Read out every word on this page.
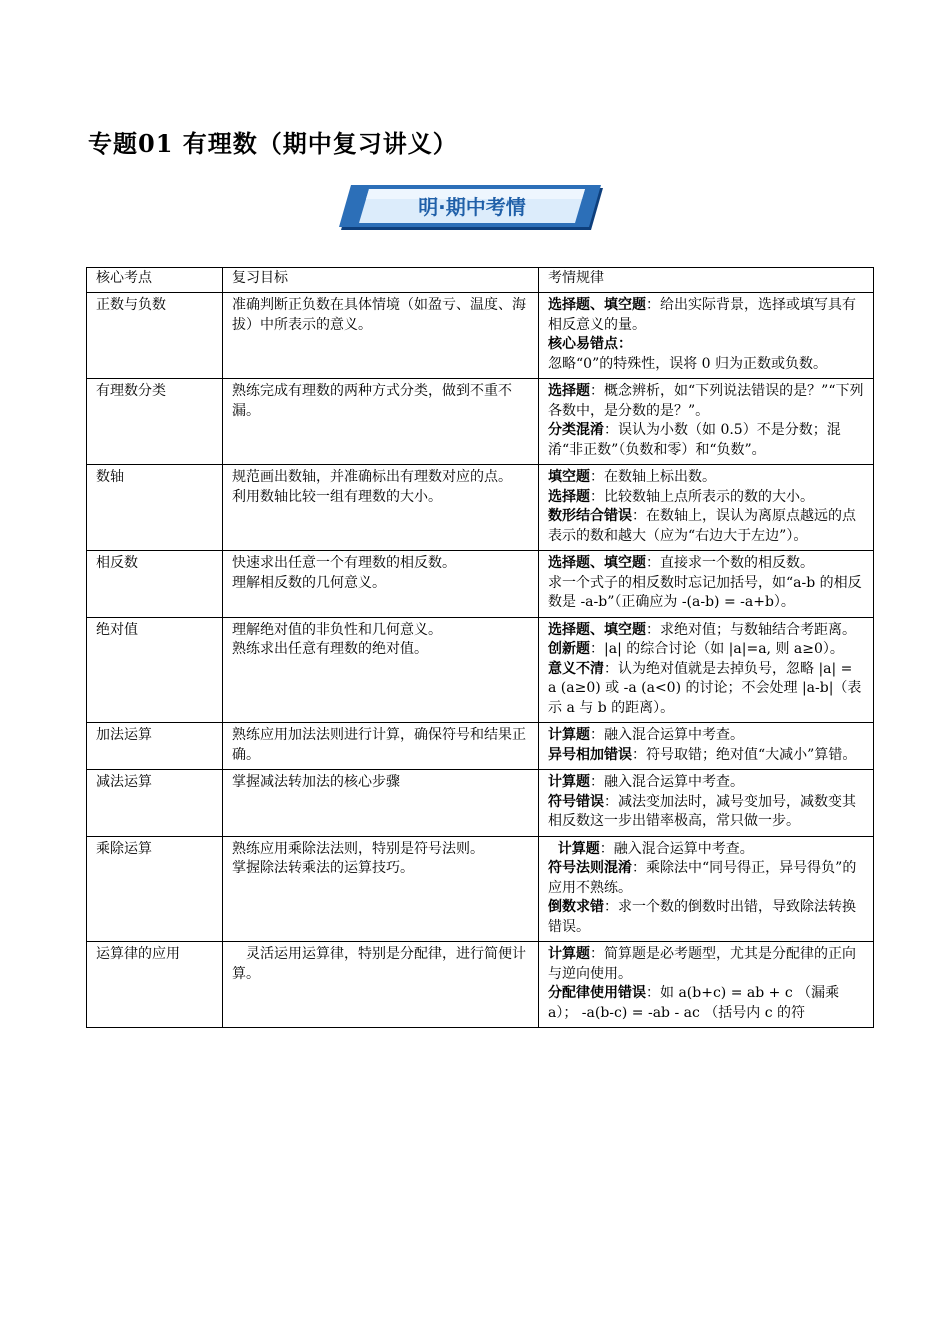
专题01 有理数（期中复习讲义）
明·期中考情
核心考点	复习目标	考情规律
正数与负数	准确判断正负数在具体情境（如盈亏、温度、海拔）中所表示的意义。	选择题、填空题：给出实际背景，选择或填写具有相反意义的量。
核心易错点：
忽略“0”的特殊性，误将 0 归为正数或负数。

有理数分类	熟练完成有理数的两种方式分类，做到不重不漏。	选择题：概念辨析，如“下列说法错误的是？”“下列各数中，是分数的是？”。
分类混淆：误认为小数（如 0.5）不是分数；混淆“非正数”（负数和零）和“负数”。

数轴	规范画出数轴，并准确标出有理数对应的点。
利用数轴比较一组有理数的大小。	填空题：在数轴上标出数。
选择题：比较数轴上点所表示的数的大小。
数形结合错误：在数轴上，误认为离原点越远的点表示的数和越大（应为“右边大于左边”）。

相反数	快速求出任意一个有理数的相反数。
理解相反数的几何意义。	选择题、填空题：直接求一个数的相反数。
求一个式子的相反数时忘记加括号，如“a-b 的相反数是 -a-b”（正确应为 -(a-b) = -a+b）。

绝对值	理解绝对值的非负性和几何意义。
熟练求出任意有理数的绝对值。	选择题、填空题：求绝对值；与数轴结合考距离。
创新题：|a| 的综合讨论（如 |a|=a, 则 a≥0）。
意义不清：认为绝对值就是去掉负号，忽略 |a| = a (a≥0) 或 -a (a<0) 的讨论；不会处理 |a-b|（表示 a 与 b 的距离）。

加法运算	熟练应用加法法则进行计算，确保符号和结果正确。	计算题：融入混合运算中考查。
异号相加错误：符号取错；绝对值“大减小”算错。

减法运算	掌握减法转加法的核心步骤	计算题：融入混合运算中考查。
符号错误：减法变加法时，减号变加号，减数变其相反数这一步出错率极高，常只做一步。

乘除运算	熟练应用乘除法法则，特别是符号法则。
掌握除法转乘法的运算技巧。	计算题：融入混合运算中考查。
符号法则混淆：乘除法中“同号得正，异号得负”的应用不熟练。
倒数求错：求一个数的倒数时出错，导致除法转换错误。

运算律的应用	　灵活运用运算律，特别是分配律，进行简便计算。	计算题：简算题是必考题型，尤其是分配律的正向与逆向使用。
分配律使用错误：如 a(b+c) = ab + c （漏乘 a）； -a(b-c) = -ab - ac （括号内 c 的符
